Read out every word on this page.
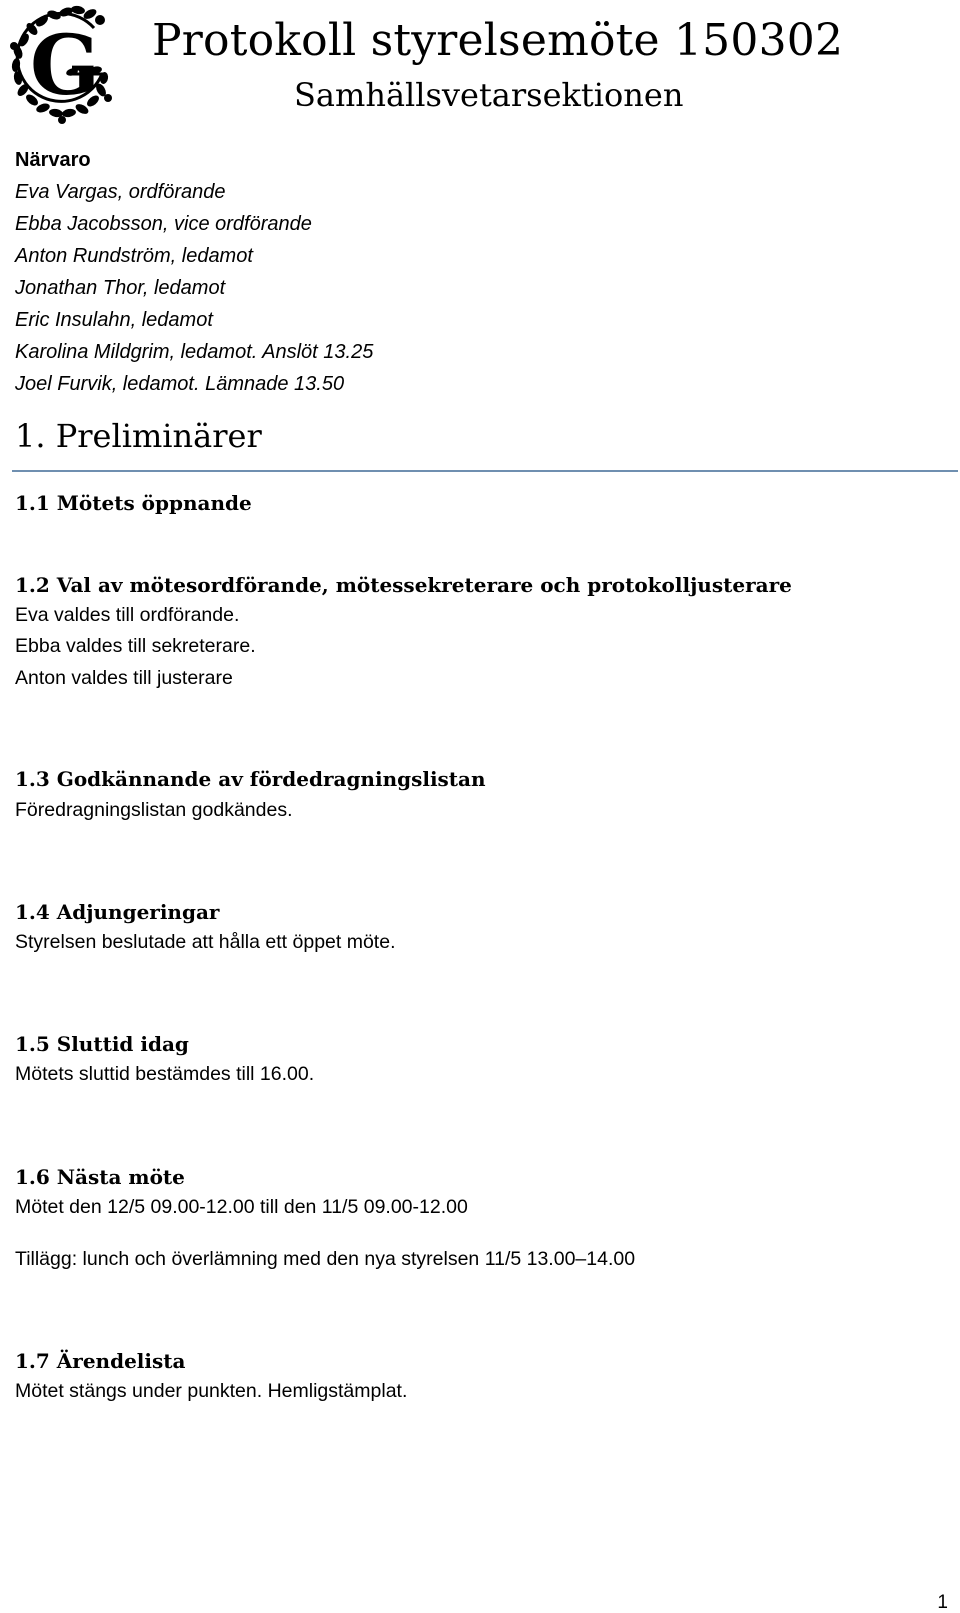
G Protokoll styrelsemöte 150302
Samhällsvetarsektionen
Närvaro
Eva Vargas, ordförande
Ebba Jacobsson, vice ordförande
Anton Rundström, ledamot
Jonathan Thor, ledamot
Eric Insulahn, ledamot
Karolina Mildgrim, ledamot. Anslöt 13.25
Joel Furvik, ledamot. Lämnade 13.50
1. Preliminärer
1.1 Mötets öppnande
1.2 Val av mötesordförande, mötessekreterare och protokolljusterare

Eva valdes till ordförande.

Ebba valdes till sekreterare.

Anton valdes till justerare

1.3 Godkännande av fördedragningslistan

Föredragningslistan godkändes.

1.4 Adjungeringar

Styrelsen beslutade att hålla ett öppet möte.

1.5 Sluttid idag

Mötets sluttid bestämdes till 16.00.

1.6 Nästa möte

Mötet den 12/5 09.00-12.00 till den 11/5 09.00-12.00

Tillägg: lunch och överlämning med den nya styrelsen 11/5 13.00–14.00

1.7 Ärendelista

Mötet stängs under punkten. Hemligstämplat.

1
